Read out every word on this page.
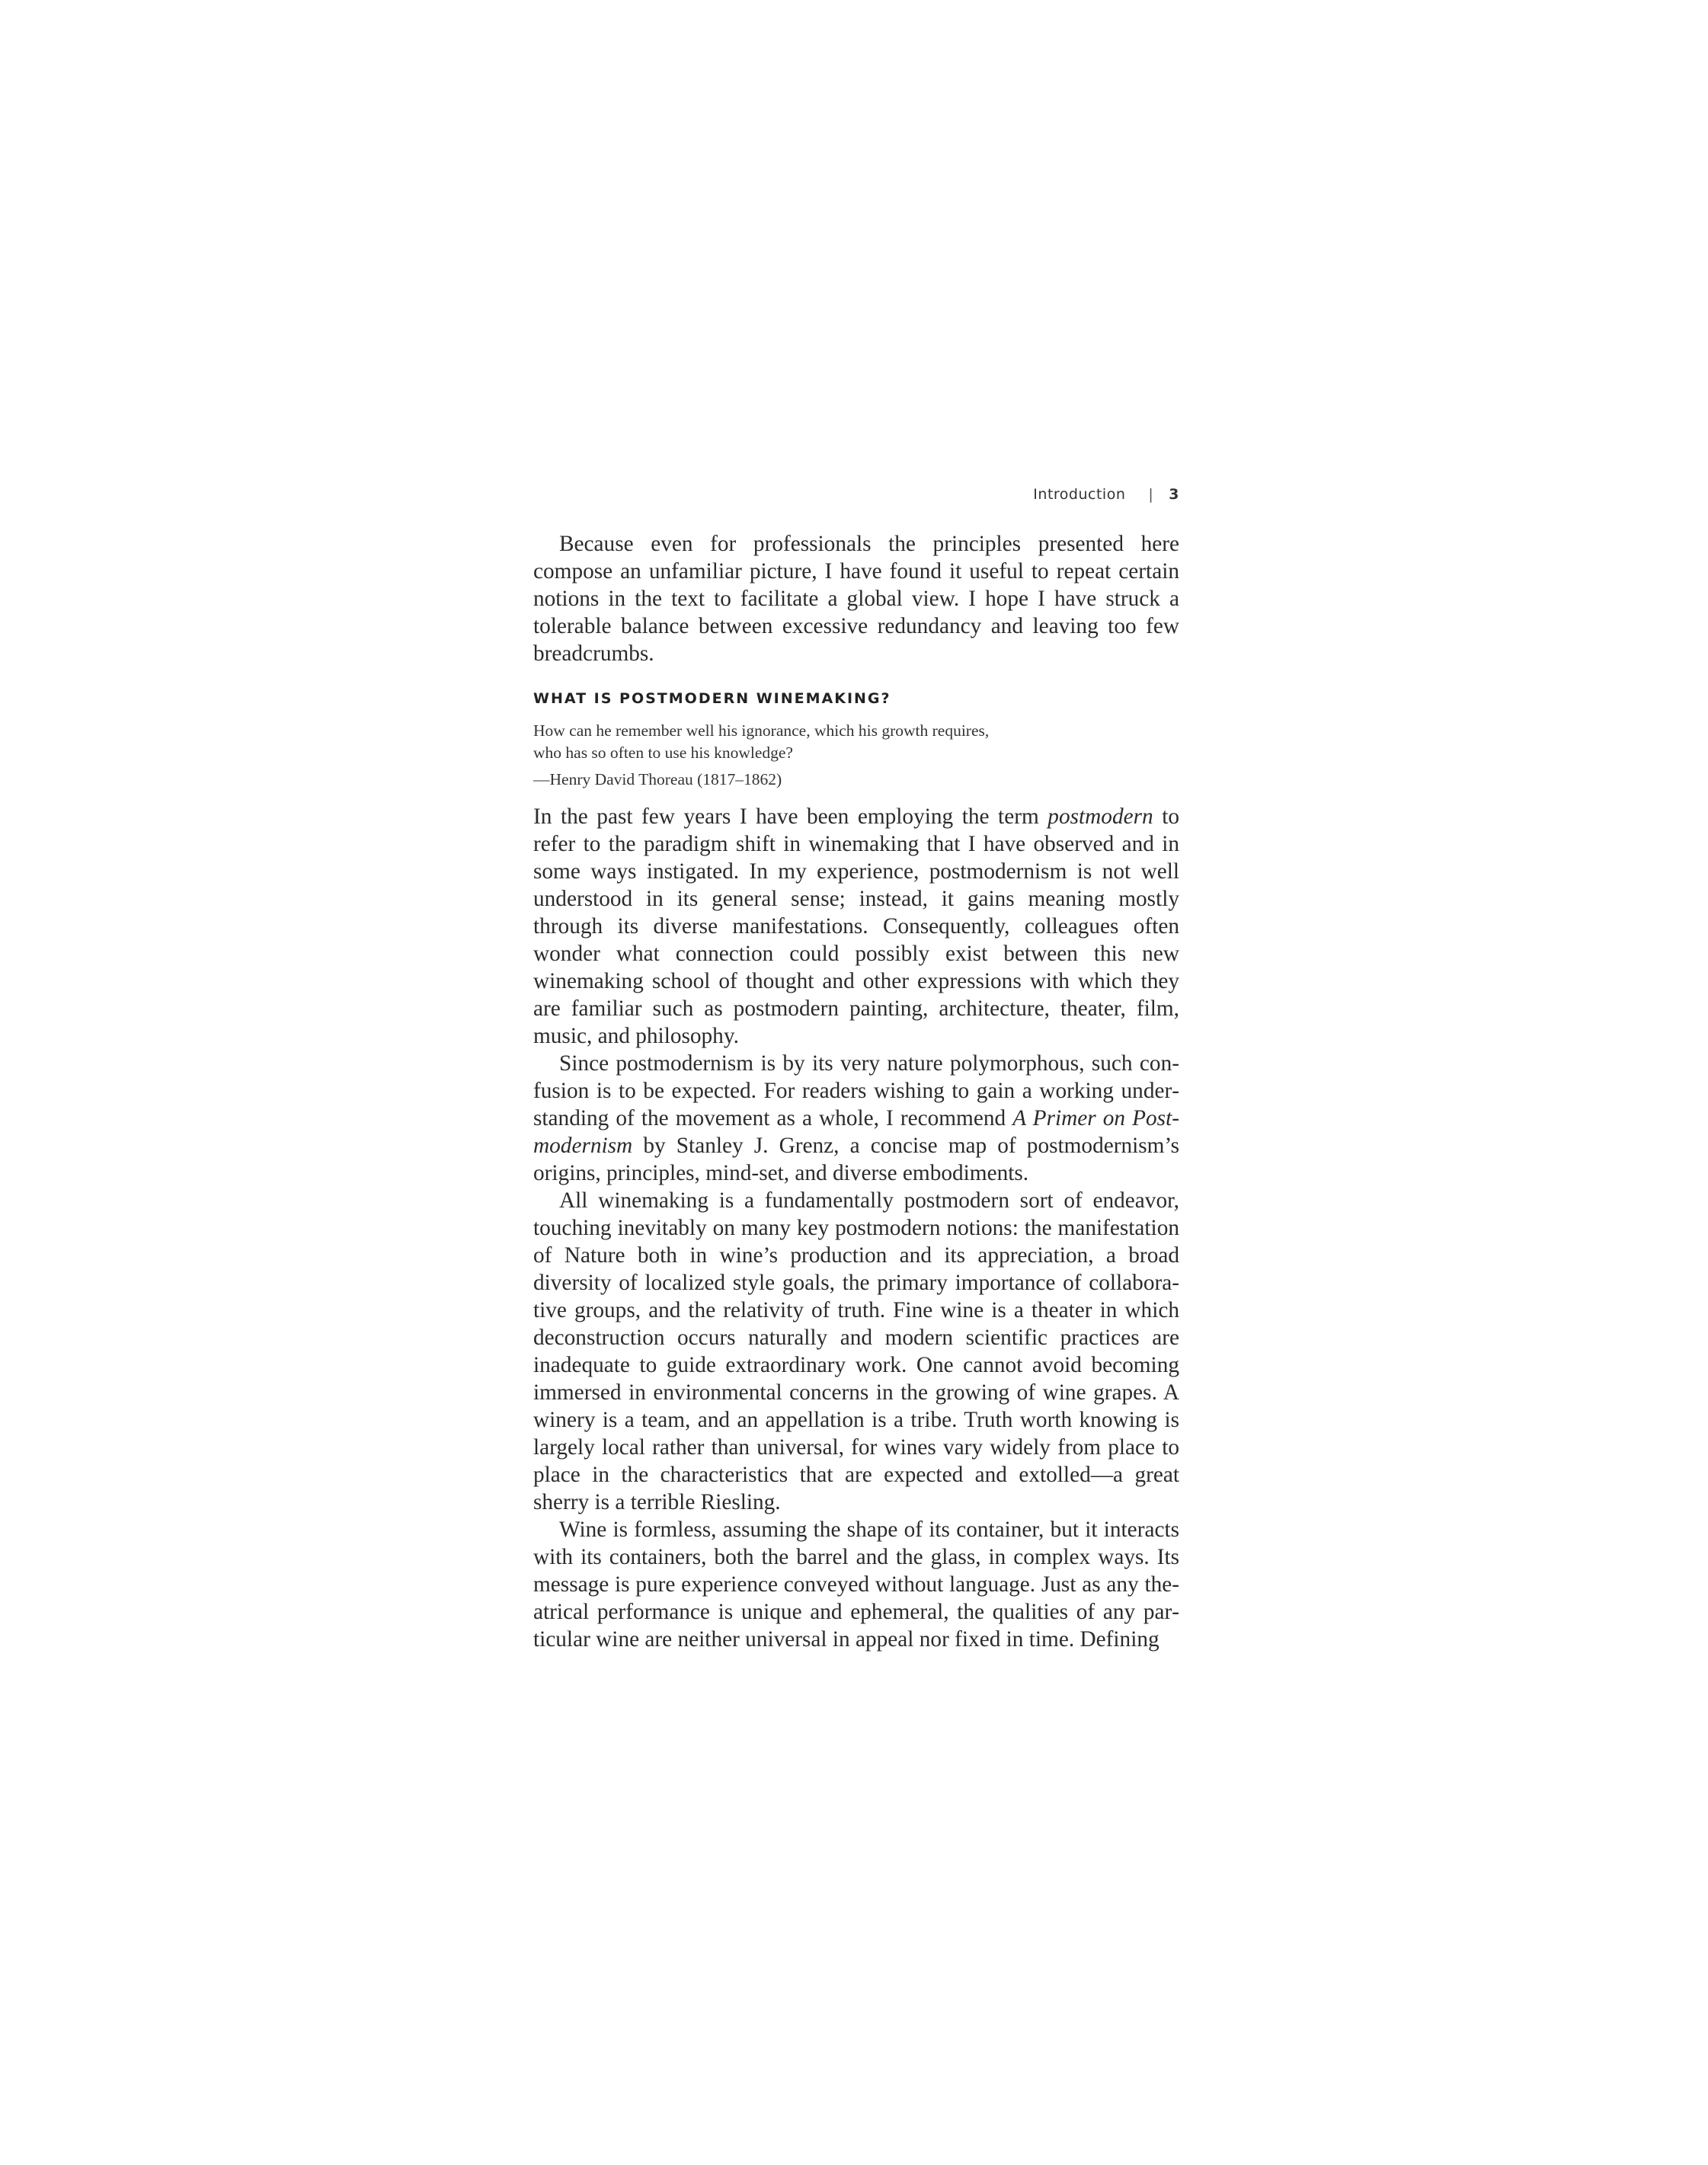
Introduction | 3

Because even for professionals the principles presented here compose an unfamiliar picture, I have found it useful to repeat certain notions in the text to facilitate a global view. I hope I have struck a tolerable balance between excessive redundancy and leaving too few breadcrumbs.

WHAT IS POSTMODERN WINEMAKING?
How can he remember well his ignorance, which his growth requires,
who has so often to use his knowledge?
—Henry David Thoreau (1817–1862)

In the past few years I have been employing the term postmodern to refer to the paradigm shift in winemaking that I have observed and in some ways instigated. In my experience, postmodernism is not well understood in its general sense; instead, it gains meaning mostly through its diverse manifestations. Consequently, colleagues often wonder what connection could possibly exist between this new winemaking school of thought and other expressions with which they are familiar such as postmodern painting, architecture, theater, film, music, and philosophy.

Since postmodernism is by its very nature polymorphous, such confusion is to be expected. For readers wishing to gain a working understanding of the movement as a whole, I recommend A Primer on Postmodernism by Stanley J. Grenz, a concise map of postmodernism’s origins, principles, mind-set, and diverse embodiments.

All winemaking is a fundamentally postmodern sort of endeavor, touching inevitably on many key postmodern notions: the manifestation of Nature both in wine’s production and its appreciation, a broad diversity of localized style goals, the primary importance of collaborative groups, and the relativity of truth. Fine wine is a theater in which deconstruction occurs naturally and modern scientific practices are inadequate to guide extraordinary work. One cannot avoid becoming immersed in environmental concerns in the growing of wine grapes. A winery is a team, and an appellation is a tribe. Truth worth knowing is largely local rather than universal, for wines vary widely from place to place in the characteristics that are expected and extolled—a great sherry is a terrible Riesling.

Wine is formless, assuming the shape of its container, but it interacts with its containers, both the barrel and the glass, in complex ways. Its message is pure experience conveyed without language. Just as any theatrical performance is unique and ephemeral, the qualities of any particular wine are neither universal in appeal nor fixed in time. Defining
